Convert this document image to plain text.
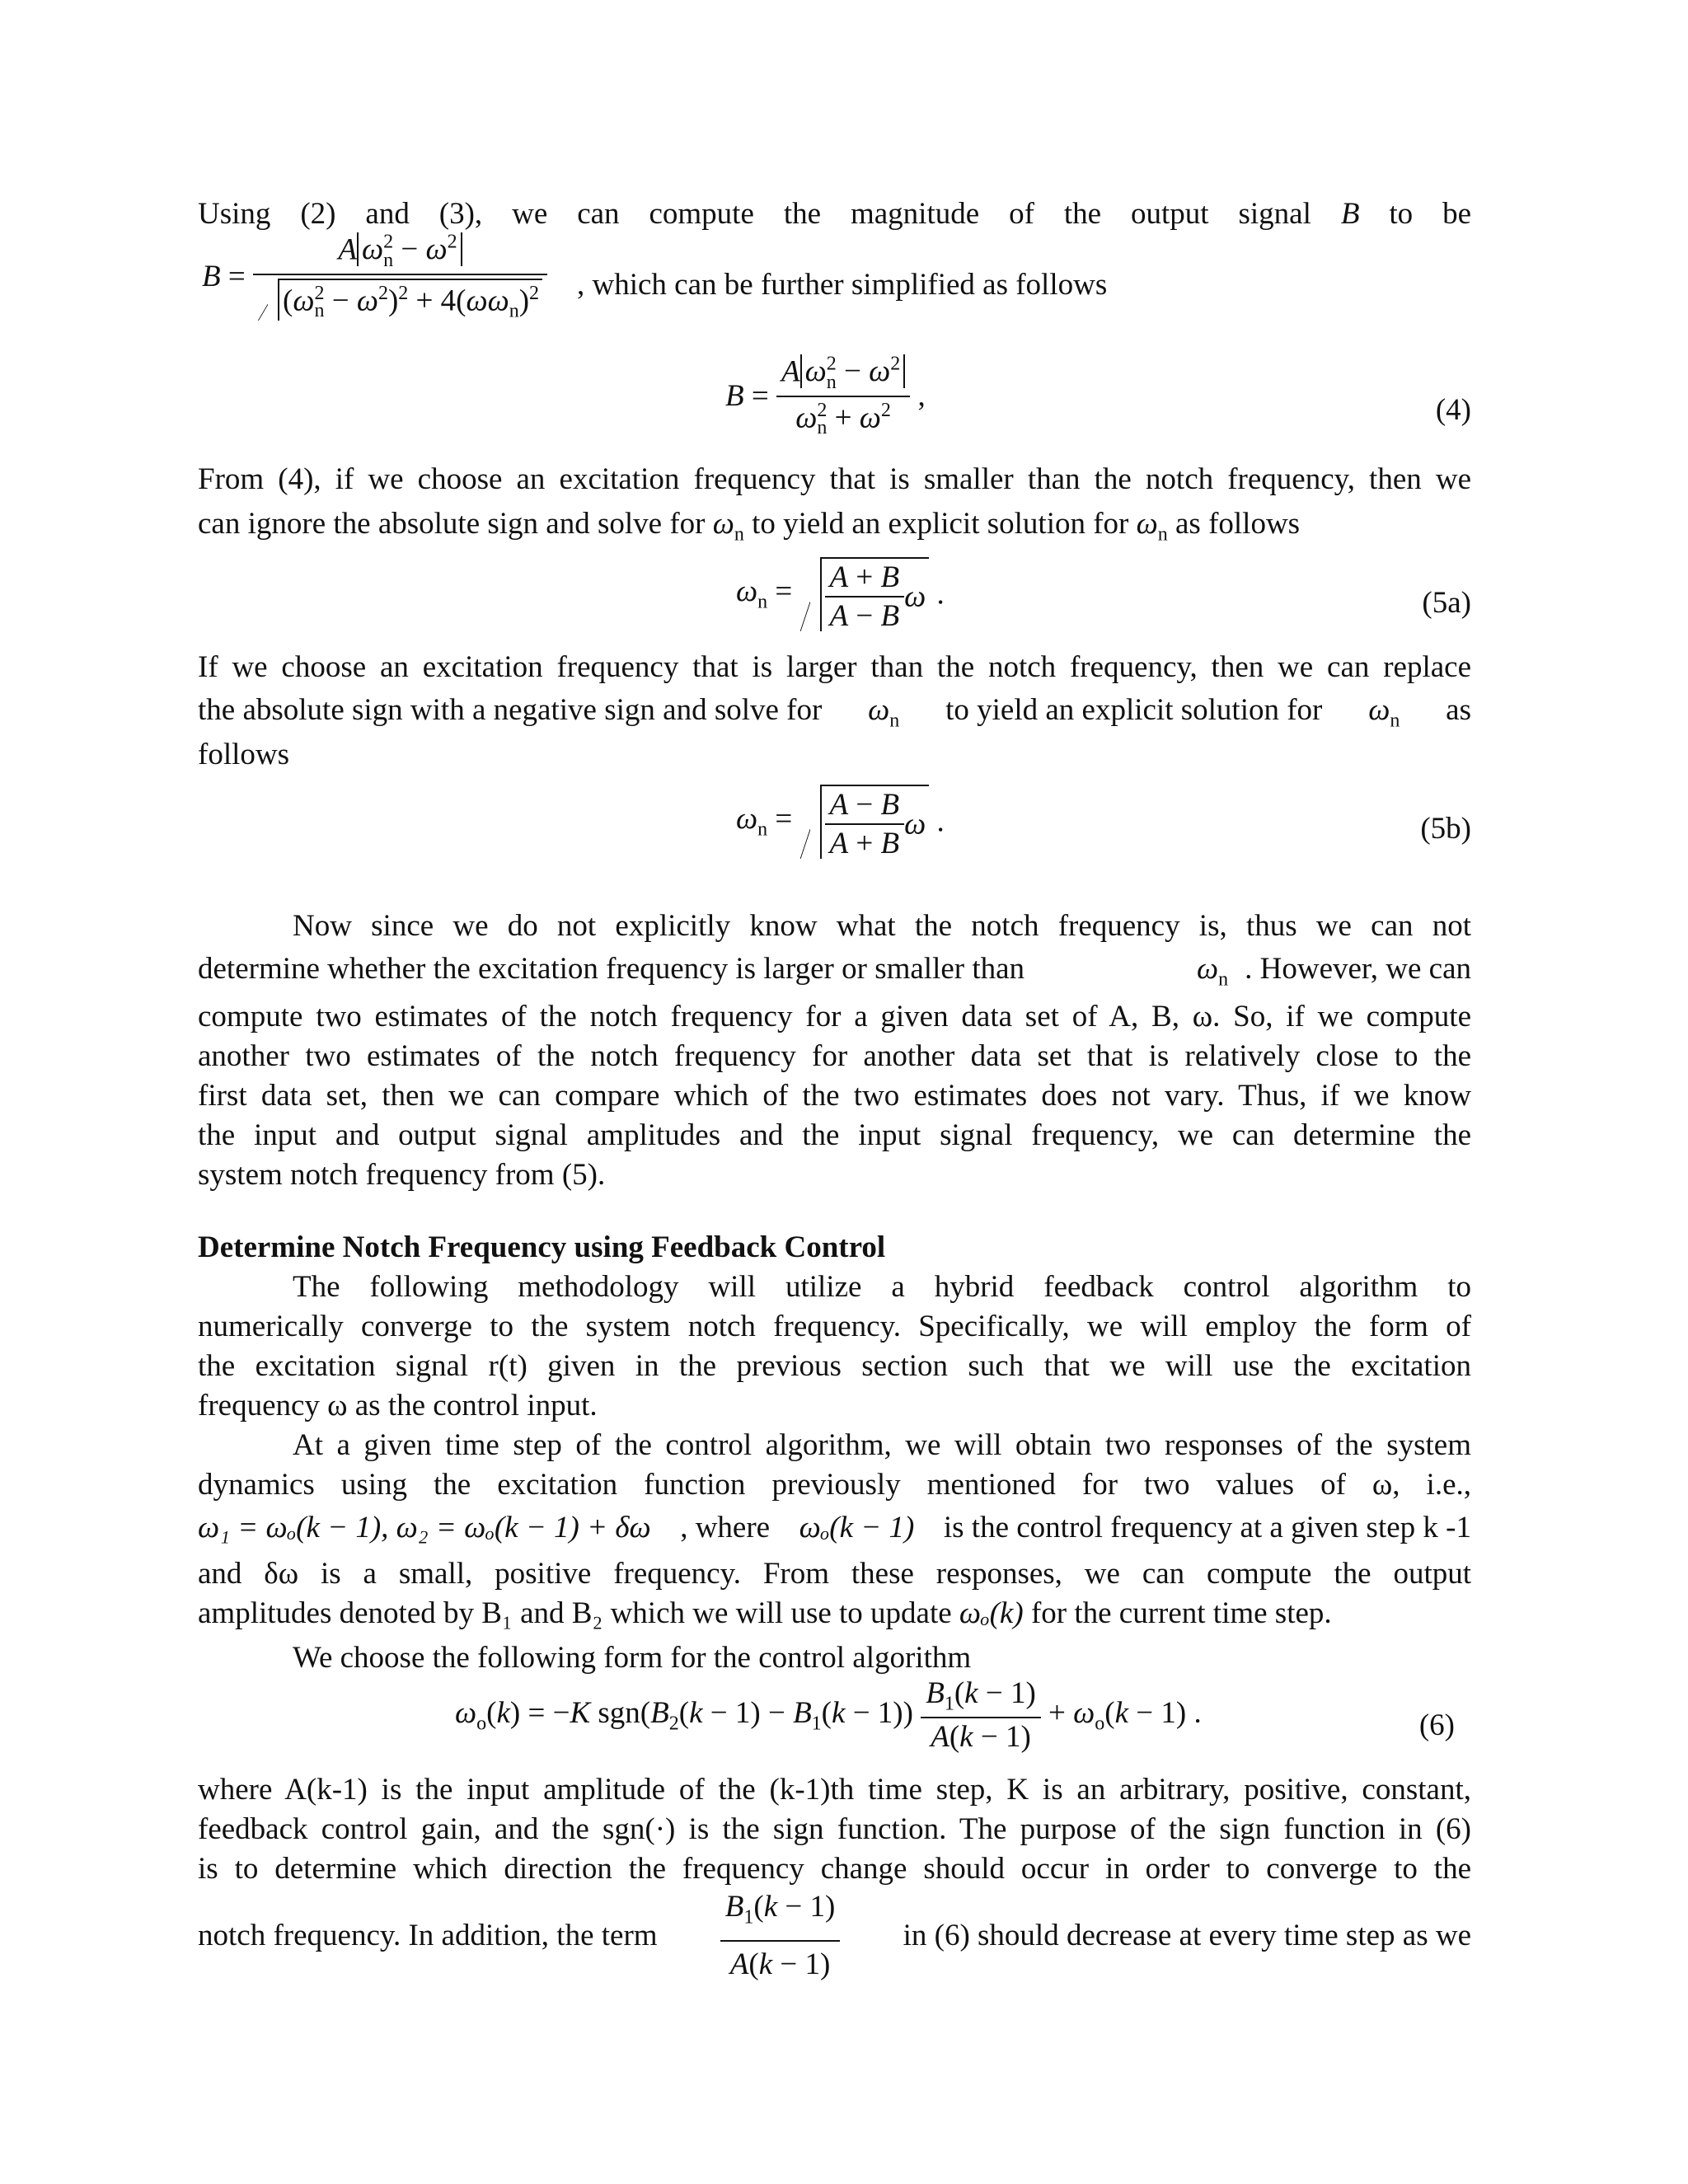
Using (2) and (3), we can compute the magnitude of the output signal B to be
$B = \frac{A \omega^2_n - \omega^2}{(\omega^2_n - \omega^2)^2 + 4(\omega\omega_n)^2}$ , which can be further simplified as follows
$B = \frac{A \omega^2_n - \omega^2}{\omega^2_n + \omega^2}$ ,	(4)
From (4), if we choose an excitation frequency that is smaller than the notch frequency, then we
can ignore the absolute sign and solve for $\omega_n$ to yield an explicit solution for $\omega_n$ as follows
$\omega_n = \frac{A + B}{A - B}$ ω .	(5a)
If we choose an excitation frequency that is larger than the notch frequency, then we can replace
the absolute sign with a negative sign and solve for $\omega_n$ to yield an explicit solution for $\omega_n$ as
follows
$\omega_n = \frac{A - B}{A + B}$ ω .	(5b)
Now since we do not explicitly know what the notch frequency is, thus we can not
determine whether the excitation frequency is larger or smaller than	$\omega_n$ . However, we can
compute two estimates of the notch frequency for a given data set of A, B, ω. So, if we compute
another two estimates of the notch frequency for another data set that is relatively close to the
first data set, then we can compare which of the two estimates does not vary. Thus, if we know
the input and output signal amplitudes and the input signal frequency, we can determine the
system notch frequency from (5).
Determine Notch Frequency using Feedback Control
The following methodology will utilize a hybrid feedback control algorithm to
numerically converge to the system notch frequency. Specifically, we will employ the form of
the excitation signal r(t) given in the previous section such that we will use the excitation
frequency ω as the control input.
At a given time step of the control algorithm, we will obtain two responses of the system
dynamics using the excitation function previously mentioned for two values of ω, i.e.,
ω₁ = ωₒ(k − 1), ω₂ = ωₒ(k − 1) + δω , where ωₒ(k − 1) is the control frequency at a given step k -1
and δω is a small, positive frequency. From these responses, we can compute the output
amplitudes denoted by B₁ and B₂ which we will use to update ωₒ(k) for the current time step.
We choose the following form for the control algorithm
$\omega_o(k) = -K$ $sgn(B_2(k - 1) - B_1(k - 1)) \frac{B_1(k - 1)}{A(k - 1)} + \omega_o(k - 1)$ .	(6)
where A(k-1) is the input amplitude of the (k-1)th time step, K is an arbitrary, positive, constant,
feedback control gain, and the sgn(·) is the sign function. The purpose of the sign function in (6)
is to determine which direction the frequency change should occur in order to converge to the
notch frequency. In addition, the term $\frac{B_1(k - 1)}{A(k - 1)}$ in (6) should decrease at every time step as we
